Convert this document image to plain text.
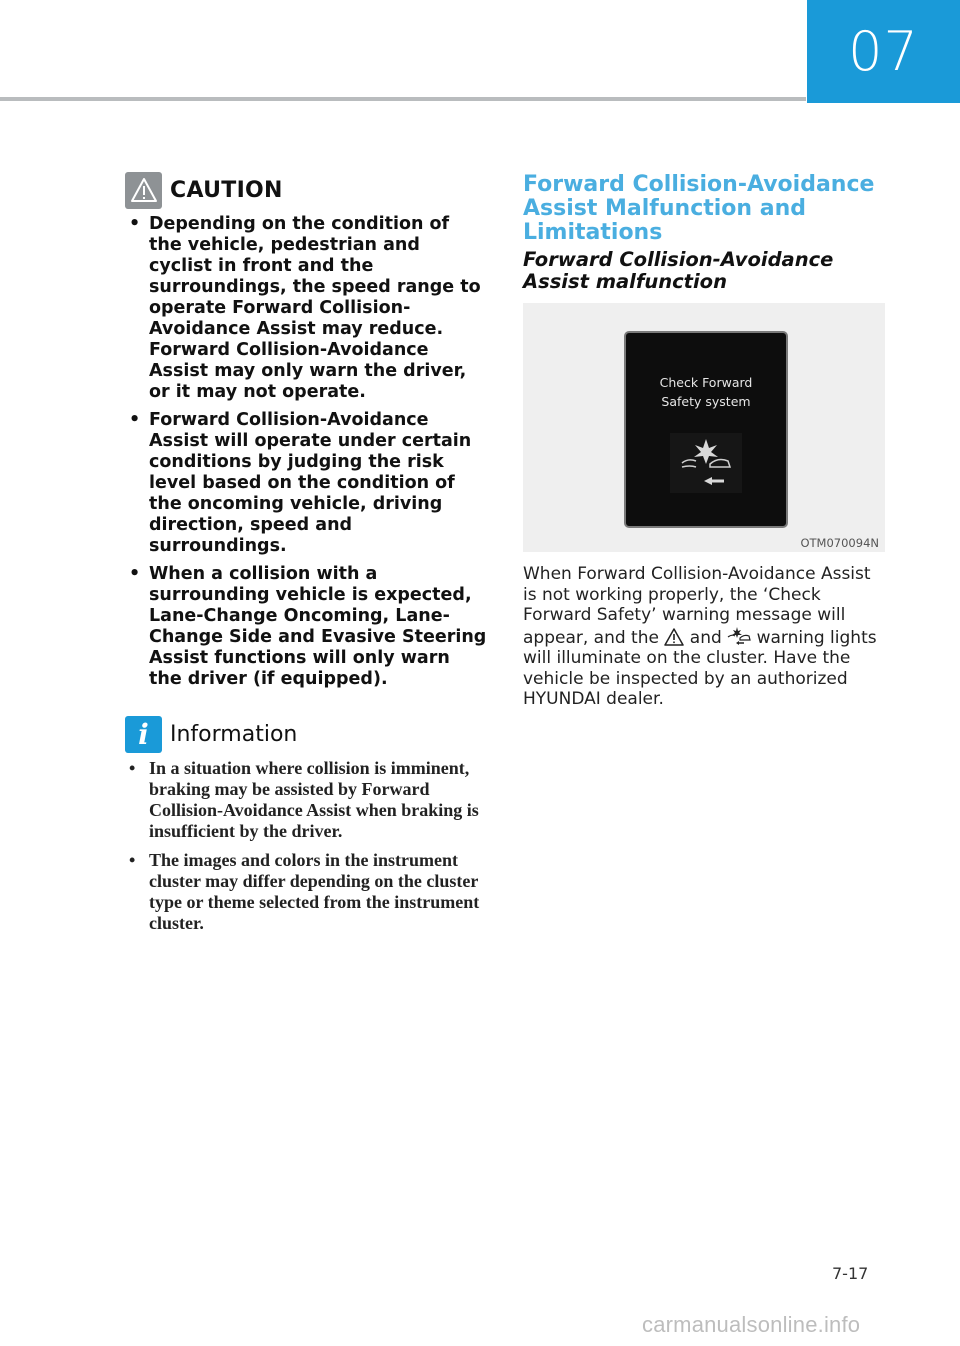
07
CAUTION
• Depending on the condition of the vehicle, pedestrian and cyclist in front and the surroundings, the speed range to operate Forward Collision-Avoidance Assist may reduce. Forward Collision-Avoidance Assist may only warn the driver, or it may not operate.
• Forward Collision-Avoidance Assist will operate under certain conditions by judging the risk level based on the condition of the oncoming vehicle, driving direction, speed and surroundings.
• When a collision with a surrounding vehicle is expected, Lane-Change Oncoming, Lane-Change Side and Evasive Steering Assist functions will only warn the driver (if equipped).
i Information
• In a situation where collision is imminent, braking may be assisted by Forward Collision-Avoidance Assist when braking is insufficient by the driver.
• The images and colors in the instrument cluster may differ depending on the cluster type or theme selected from the instrument cluster.
Forward Collision-Avoidance Assist Malfunction and Limitations
Forward Collision-Avoidance Assist malfunction
Check Forward
Safety system
OTM070094N
When Forward Collision-Avoidance Assist is not working properly, the ‘Check Forward Safety’ warning message will appear, and the and warning lights will illuminate on the cluster. Have the vehicle be inspected by an authorized HYUNDAI dealer.
7-17
carmanualsonline.info
